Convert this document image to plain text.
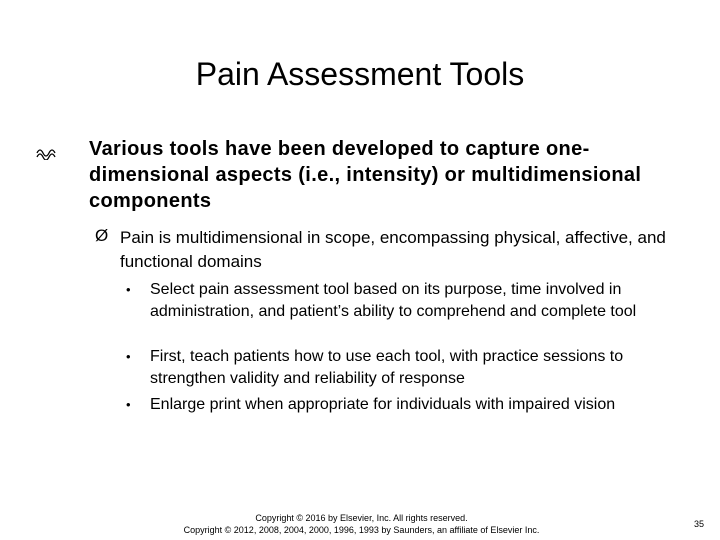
Pain Assessment Tools
Various tools have been developed to capture one-dimensional aspects (i.e., intensity) or multidimensional components
Ø Pain is multidimensional in scope, encompassing physical, affective, and functional domains
• Select pain assessment tool based on its purpose, time involved in administration, and patient’s ability to comprehend and complete tool
• First, teach patients how to use each tool, with practice sessions to strengthen validity and reliability of response
• Enlarge print when appropriate for individuals with impaired vision
Copyright © 2016 by Elsevier, Inc. All rights reserved.
Copyright © 2012, 2008, 2004, 2000, 1996, 1993 by Saunders, an affiliate of Elsevier Inc.
35
